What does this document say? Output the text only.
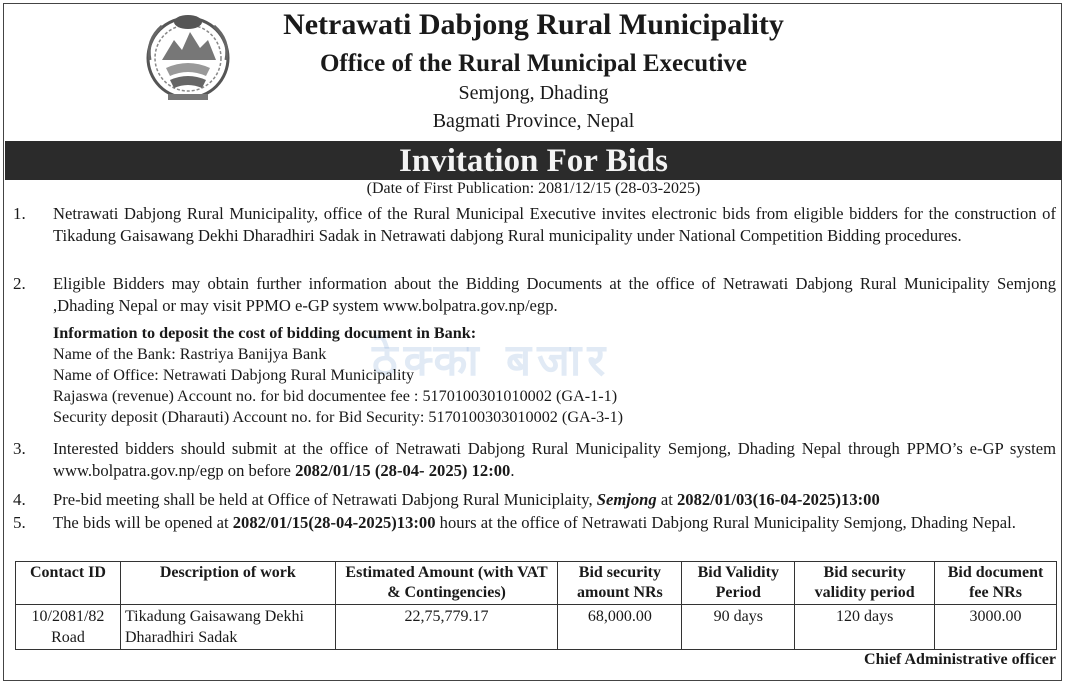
Netrawati Dabjong Rural Municipality
Office of the Rural Municipal Executive
Semjong, Dhading
Bagmati Province, Nepal
Invitation For Bids
(Date of First Publication: 2081/12/15 (28-03-2025)
1. Netrawati Dabjong Rural Municipality, office of the Rural Municipal Executive invites electronic bids from eligible bidders for the construction of Tikadung Gaisawang Dekhi Dharadhiri Sadak in Netrawati dabjong Rural municipality under National Competition Bidding procedures.
2. Eligible Bidders may obtain further information about the Bidding Documents at the office of Netrawati Dabjong Rural Municipality Semjong ,Dhading Nepal or may visit PPMO e-GP system www.bolpatra.gov.np/egp.
ठेक्का बजार
Information to deposit the cost of bidding document in Bank:
Name of the Bank: Rastriya Banijya Bank
Name of Office: Netrawati Dabjong Rural Municipality
Rajaswa (revenue) Account no. for bid documentee fee : 5170100301010002 (GA-1-1)
Security deposit (Dharauti) Account no. for Bid Security: 5170100303010002 (GA-3-1)
3. Interested bidders should submit at the office of Netrawati Dabjong Rural Municipality Semjong, Dhading Nepal through PPMO’s e-GP system www.bolpatra.gov.np/egp on before 2082/01/15 (28-04- 2025) 12:00.
4. Pre-bid meeting shall be held at Office of Netrawati Dabjong Rural Municiplaity, Semjong at 2082/01/03(16-04-2025)13:00
5. The bids will be opened at 2082/01/15(28-04-2025)13:00 hours at the office of Netrawati Dabjong Rural Municipality Semjong, Dhading Nepal.
Contact ID	Description of work	Estimated Amount (with VAT & Contingencies)	Bid security amount NRs	Bid Validity Period	Bid security validity period	Bid document fee NRs
10/2081/82 Road	Tikadung Gaisawang Dekhi Dharadhiri Sadak	22,75,779.17	68,000.00	90 days	120 days	3000.00
Chief Administrative officer
